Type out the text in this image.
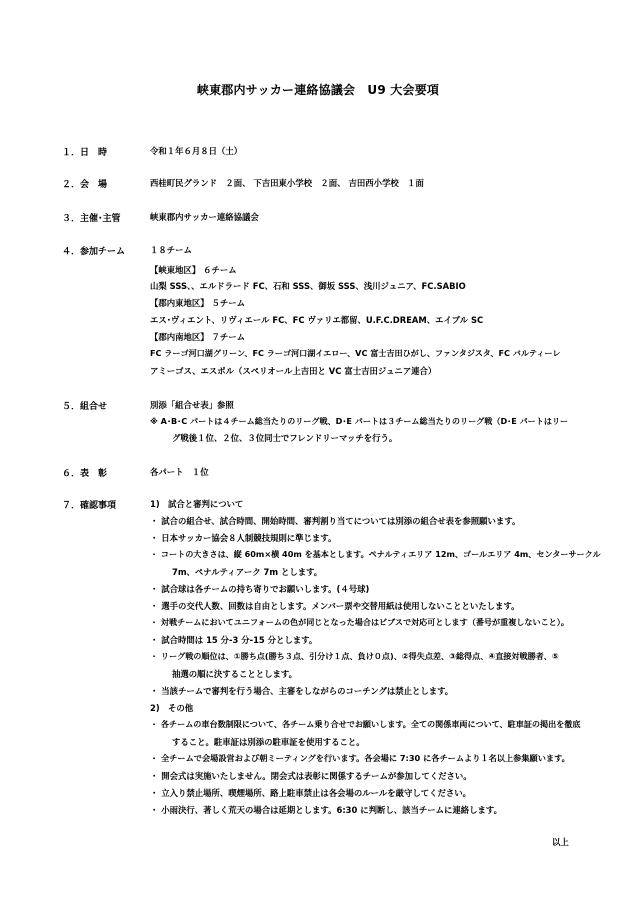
峡東郡内サッカー連絡協議会　U9 大会要項
１．日　時	令和１年６月８日（土）
２．会　場	西桂町民グランド　２面、 下吉田東小学校　２面、 吉田西小学校　１面
３．主催･主管	峡東郡内サッカー連絡協議会
４．参加チーム	１８チーム
【峡東地区】 ６チーム
山梨 SSS、、エルドラード FC、石和 SSS、御坂 SSS、浅川ジュニア、FC.SABIO
【郡内東地区】 ５チーム
エス･ヴィエント、リヴィエール FC、FC ヴァリエ都留、U.F.C.DREAM、エイブル SC
【郡内南地区】 ７チーム
FC ラーゴ河口湖グリーン、FC ラーゴ河口湖イエロー、VC 富士吉田ひがし、ファンタジスタ、FC バルティーレ
アミーゴス、エスポル（スペリオール上吉田と VC 富士吉田ジュニア連合）
５．組合せ	別添「組合せ表」参照
※ A･B･C パートは４チーム総当たりのリーグ戦、D･E パートは３チーム総当たりのリーグ戦（D･E パートはリー
グ戦後１位、２位、３位同士でフレンドリーマッチを行う。
６．表　彰	各パート　１位
７．確認事項	1)　試合と審判について
・ 試合の組合せ、試合時間、開始時間、審判割り当てについては別添の組合せ表を参照願います。
・ 日本サッカー協会８人制競技規則に準じます。
・ コートの大きさは、縦 60m×横 40m を基本とします。ペナルティエリア 12m、ゴールエリア 4m、センターサークル
7m、ペナルティアーク 7m とします。
・ 試合球は各チームの持ち寄りでお願いします。(４号球)
・ 選手の交代人数、回数は自由とします。メンバー票や交替用紙は使用しないことといたします。
・ 対戦チームにおいてユニフォームの色が同じとなった場合はビブスで対応可とします（番号が重複しないこと）。
・ 試合時間は 15 分-3 分-15 分とします。
・ リーグ戦の順位は、①勝ち点(勝ち３点、引分け１点、負け０点)、②得失点差、③総得点、④直接対戦勝者、⑤
抽選の順に決することとします。
・ 当該チームで審判を行う場合、主審をしながらのコーチングは禁止とします。
2)　その他
・ 各チームの車台数制限について、各チーム乗り合せでお願いします。全ての関係車両について、駐車証の掲出を徹底
すること。駐車証は別添の駐車証を使用すること。
・ 全チームで会場設営および朝ミーティングを行います。各会場に 7:30 に各チームより１名以上参集願います。
・ 開会式は実施いたしません。閉会式は表彰に関係するチームが参加してください。
・ 立入り禁止場所、喫煙場所、路上駐車禁止は各会場のルールを厳守してください。
・ 小雨決行、著しく荒天の場合は延期とします。6:30 に判断し、該当チームに連絡します。
以上
